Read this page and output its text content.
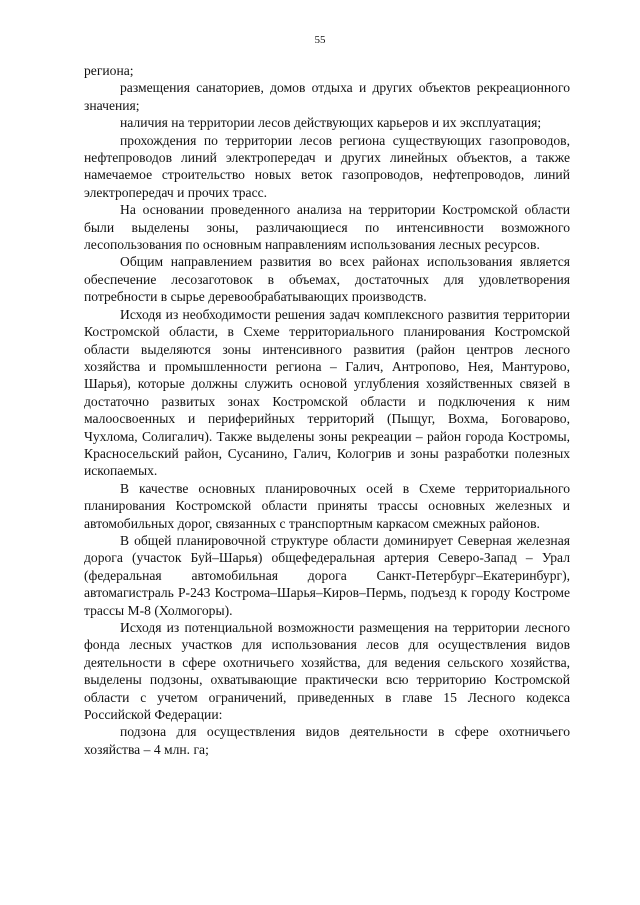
55

региона;

размещения санаториев, домов отдыха и других объектов рекреационного значения;

наличия на территории лесов действующих карьеров и их эксплуатация;

прохождения по территории лесов региона существующих газопроводов, нефтепроводов линий электропередач и других линейных объектов, а также намечаемое строительство новых веток газопроводов, нефтепроводов, линий электропередач и прочих трасс.

На основании проведенного анализа на территории Костромской области были выделены зоны, различающиеся по интенсивности возможного лесопользования по основным направлениям использования лесных ресурсов.

Общим направлением развития во всех районах использования является обеспечение лесозаготовок в объемах, достаточных для удовлетворения потребности в сырье деревообрабатывающих производств.

Исходя из необходимости решения задач комплексного развития территории Костромской области, в Схеме территориального планирования Костромской области выделяются зоны интенсивного развития (район центров лесного хозяйства и промышленности региона – Галич, Антропово, Нея, Мантурово, Шарья), которые должны служить основой углубления хозяйственных связей в достаточно развитых зонах Костромской области и подключения к ним малоосвоенных и периферийных территорий (Пыщуг, Вохма, Боговарово, Чухлома, Солигалич). Также выделены зоны рекреации – район города Костромы, Красносельский район, Сусанино, Галич, Кологрив и зоны разработки полезных ископаемых.

В качестве основных планировочных осей в Схеме территориального планирования Костромской области приняты трассы основных железных и автомобильных дорог, связанных с транспортным каркасом смежных районов.

В общей планировочной структуре области доминирует Северная железная дорога (участок Буй–Шарья) общефедеральная артерия Северо-Запад – Урал (федеральная автомобильная дорога Санкт-Петербург–Екатеринбург), автомагистраль Р-243 Кострома–Шарья–Киров–Пермь, подъезд к городу Костроме трассы М-8 (Холмогоры).

Исходя из потенциальной возможности размещения на территории лесного фонда лесных участков для использования лесов для осуществления видов деятельности в сфере охотничьего хозяйства, для ведения сельского хозяйства, выделены подзоны, охватывающие практически всю территорию Костромской области с учетом ограничений, приведенных в главе 15 Лесного кодекса Российской Федерации:

подзона для осуществления видов деятельности в сфере охотничьего хозяйства – 4 млн. га;
